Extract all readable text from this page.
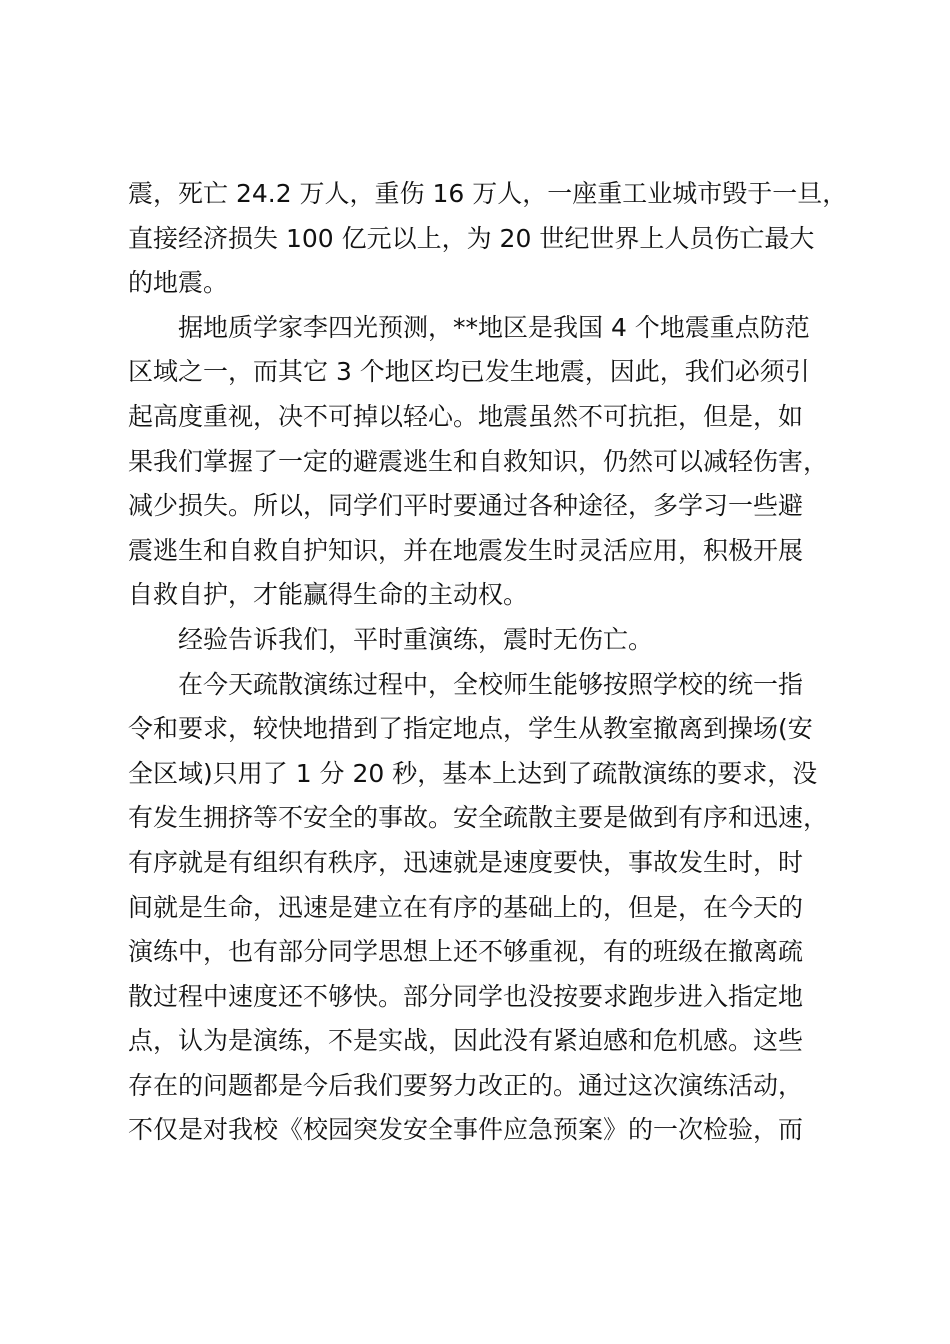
震，死亡 24.2 万人，重伤 16 万人，一座重工业城市毁于一旦，
直接经济损失 100 亿元以上，为 20 世纪世界上人员伤亡最大
的地震。
据地质学家李四光预测，**地区是我国 4 个地震重点防范
区域之一，而其它 3 个地区均已发生地震，因此，我们必须引
起高度重视，决不可掉以轻心。地震虽然不可抗拒，但是，如
果我们掌握了一定的避震逃生和自救知识，仍然可以减轻伤害，
减少损失。所以，同学们平时要通过各种途径，多学习一些避
震逃生和自救自护知识，并在地震发生时灵活应用，积极开展
自救自护，才能赢得生命的主动权。
经验告诉我们，平时重演练，震时无伤亡。
在今天疏散演练过程中，全校师生能够按照学校的统一指
令和要求，较快地措到了指定地点，学生从教室撤离到操场(安
全区域)只用了 1 分 20 秒，基本上达到了疏散演练的要求，没
有发生拥挤等不安全的事故。安全疏散主要是做到有序和迅速，
有序就是有组织有秩序，迅速就是速度要快，事故发生时，时
间就是生命，迅速是建立在有序的基础上的，但是，在今天的
演练中，也有部分同学思想上还不够重视，有的班级在撤离疏
散过程中速度还不够快。部分同学也没按要求跑步进入指定地
点，认为是演练，不是实战，因此没有紧迫感和危机感。这些
存在的问题都是今后我们要努力改正的。通过这次演练活动，
不仅是对我校《校园突发安全事件应急预案》的一次检验，而
